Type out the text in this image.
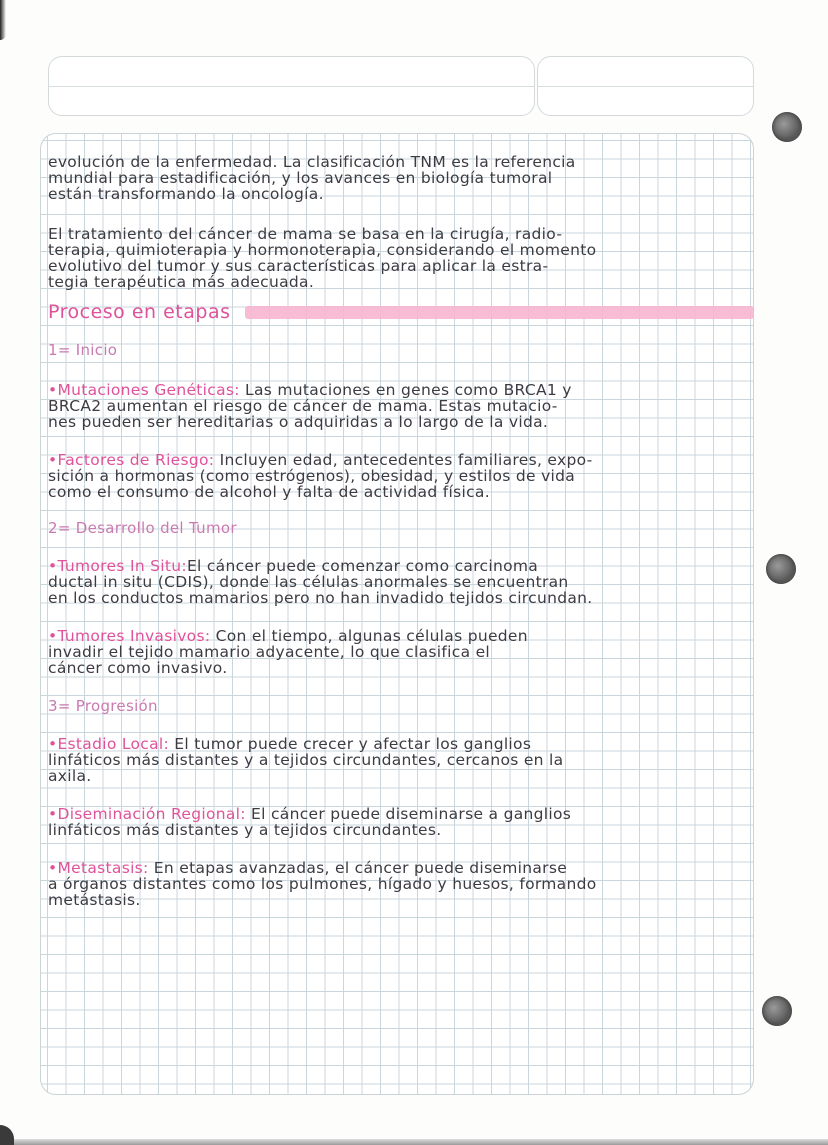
evolución de la enfermedad. La clasificación TNM es la referencia
mundial para estadificación, y los avances en biología tumoral
están transformando la oncología.
El tratamiento del cáncer de mama se basa en la cirugía, radio-
terapia, quimioterapia y hormonoterapia, considerando el momento
evolutivo del tumor y sus características para aplicar la estra-
tegia terapéutica más adecuada.
Proceso en etapas
1= Inicio
•Mutaciones Genéticas: Las mutaciones en genes como BRCA1 y
BRCA2 aumentan el riesgo de cáncer de mama. Estas mutacio-
nes pueden ser hereditarias o adquiridas a lo largo de la vida.
•Factores de Riesgo: Incluyen edad, antecedentes familiares, expo-
sición a hormonas (como estrógenos), obesidad, y estilos de vida
como el consumo de alcohol y falta de actividad física.
2= Desarrollo del Tumor
•Tumores In Situ:El cáncer puede comenzar como carcinoma
ductal in situ (CDIS), donde las células anormales se encuentran
en los conductos mamarios pero no han invadido tejidos circundan.
•Tumores Invasivos: Con el tiempo, algunas células pueden
invadir el tejido mamario adyacente, lo que clasifica el
cáncer como invasivo.
3= Progresión
•Estadio Local: El tumor puede crecer y afectar los ganglios
linfáticos más distantes y a tejidos circundantes, cercanos en la
axila.
•Diseminación Regional: El cáncer puede diseminarse a ganglios
linfáticos más distantes y a tejidos circundantes.
•Metastasis: En etapas avanzadas, el cáncer puede diseminarse
a órganos distantes como los pulmones, hígado y huesos, formando
metástasis.
